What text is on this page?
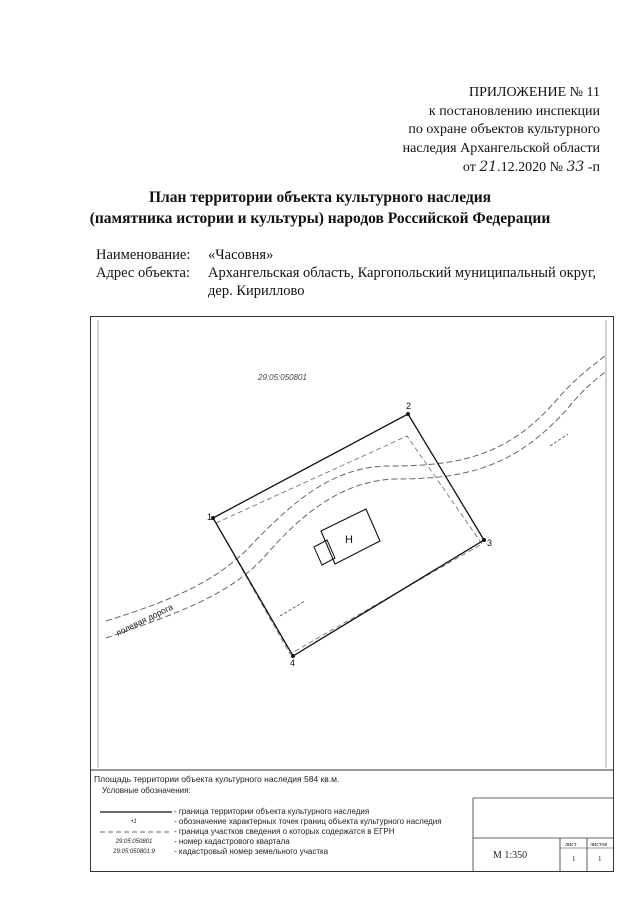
ПРИЛОЖЕНИЕ № 11
к постановлению инспекции
по охране объектов культурного
наследия Архангельской области
от 21.12.2020 № 33 -п
План территории объекта культурного наследия
(памятника истории и культуры) народов Российской Федерации
Наименование:	«Часовня»
Адрес объекта:	Архангельская область, Каргопольский муниципальный округ, дер. Кириллово
1
2
3
4
Н
29:05:050801
полевая дорога
Площадь территории объекта культурного наследия 584 кв.м.
Условные обозначения:
- граница территории объекта культурного наследия
•1	- обозначение характерных точек границ объекта культурного наследия
- граница участков сведения о которых содержатся в ЕГРН
29:05:050801	- номер кадастрового квартала
29:05:050801:9	- кадастровый номер земельного участка	М 1:350
лист листов
1	1
